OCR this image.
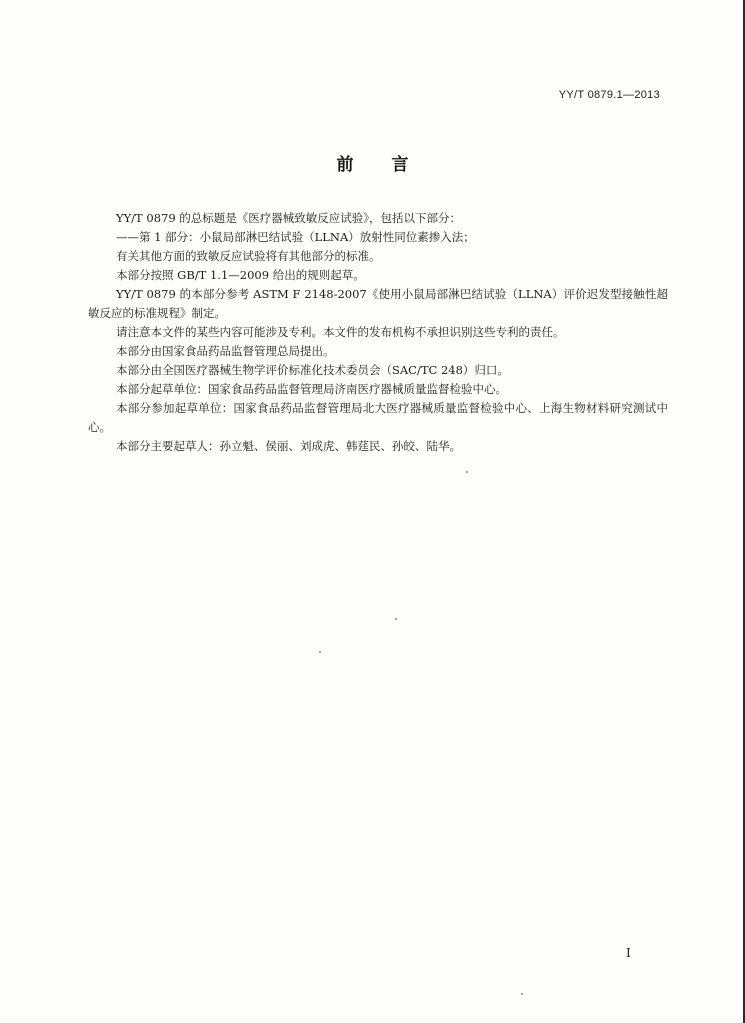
YY/T 0879.1—2013
前言

YY/T 0879 的总标题是《医疗器械致敏反应试验》，包括以下部分：

——第 1 部分：小鼠局部淋巴结试验（LLNA）放射性同位素掺入法；

有关其他方面的致敏反应试验将有其他部分的标准。

本部分按照 GB/T 1.1—2009 给出的规则起草。

YY/T 0879 的本部分参考 ASTM F 2148-2007《使用小鼠局部淋巴结试验（LLNA）评价迟发型接触性超敏反应的标准规程》制定。

请注意本文件的某些内容可能涉及专利。本文件的发布机构不承担识别这些专利的责任。

本部分由国家食品药品监督管理总局提出。

本部分由全国医疗器械生物学评价标准化技术委员会（SAC/TC 248）归口。

本部分起草单位：国家食品药品监督管理局济南医疗器械质量监督检验中心。

本部分参加起草单位：国家食品药品监督管理局北大医疗器械质量监督检验中心、上海生物材料研究测试中心。

本部分主要起草人：孙立魁、侯丽、刘成虎、韩莛民、孙皎、陆华。

I
